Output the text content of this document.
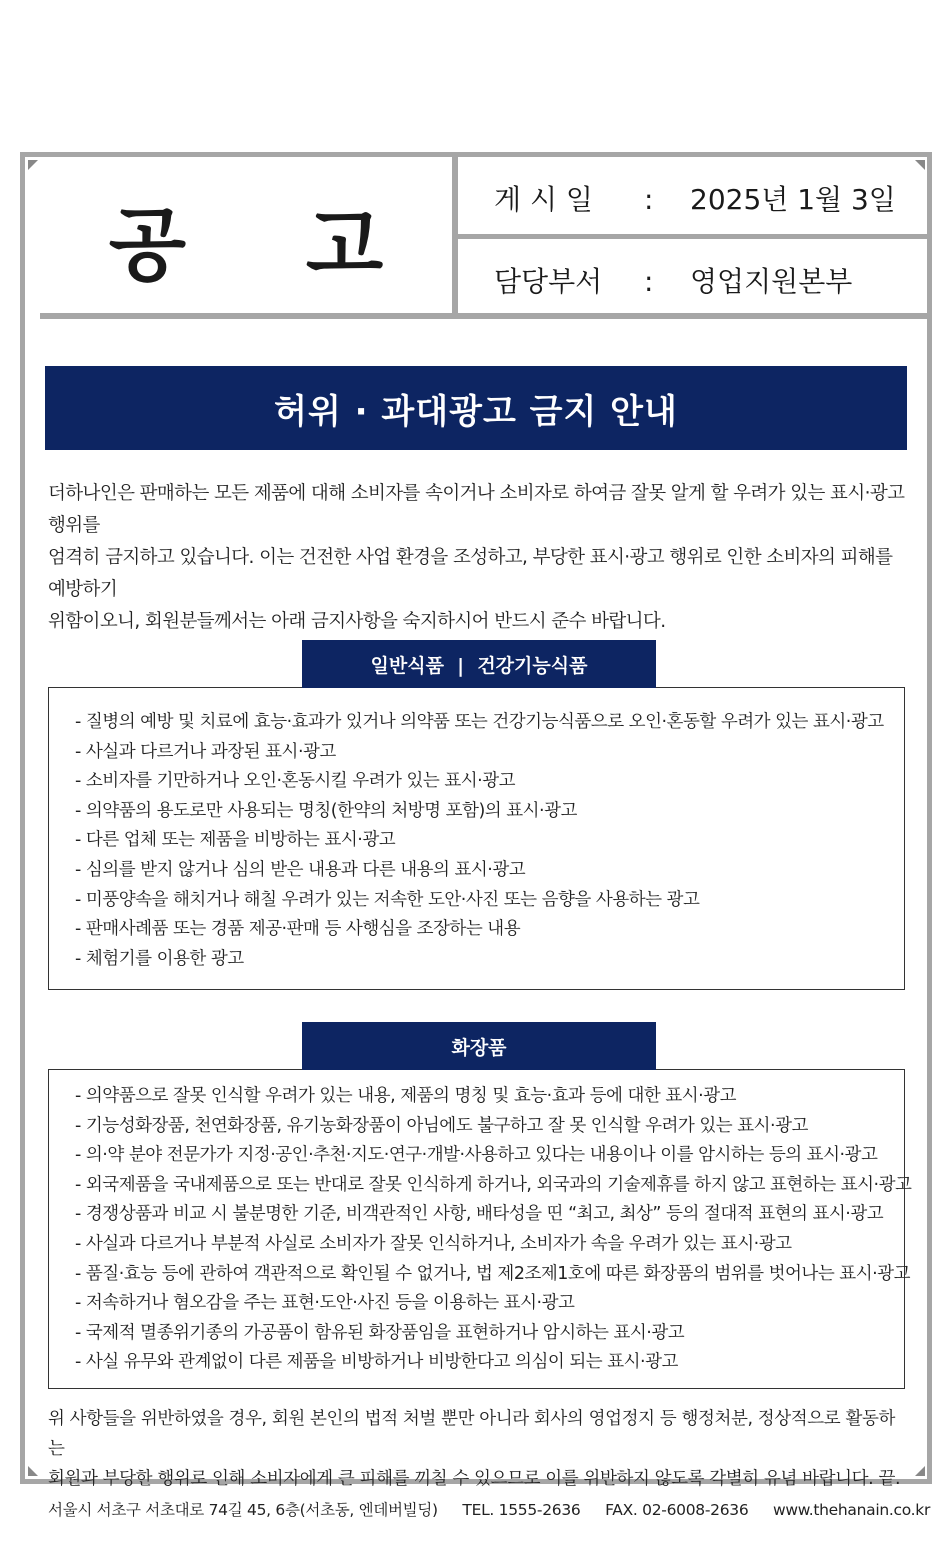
공 고	게 시 일 : 2025년 1월 3일
담당부서 : 영업지원본부
허위 · 과대광고 금지 안내
더하나인은 판매하는 모든 제품에 대해 소비자를 속이거나 소비자로 하여금 잘못 알게 할 우려가 있는 표시·광고 행위를
엄격히 금지하고 있습니다. 이는 건전한 사업 환경을 조성하고, 부당한 표시·광고 행위로 인한 소비자의 피해를 예방하기
위함이오니, 회원분들께서는 아래 금지사항을 숙지하시어 반드시 준수 바랍니다.
일반식품  |  건강기능식품
- 질병의 예방 및 치료에 효능·효과가 있거나 의약품 또는 건강기능식품으로 오인·혼동할 우려가 있는 표시·광고
- 사실과 다르거나 과장된 표시·광고
- 소비자를 기만하거나 오인·혼동시킬 우려가 있는 표시·광고
- 의약품의 용도로만 사용되는 명칭(한약의 처방명 포함)의 표시·광고
- 다른 업체 또는 제품을 비방하는 표시·광고
- 심의를 받지 않거나 심의 받은 내용과 다른 내용의 표시·광고
- 미풍양속을 해치거나 해칠 우려가 있는 저속한 도안·사진 또는 음향을 사용하는 광고
- 판매사례품 또는 경품 제공·판매 등 사행심을 조장하는 내용
- 체험기를 이용한 광고
화장품
- 의약품으로 잘못 인식할 우려가 있는 내용, 제품의 명칭 및 효능·효과 등에 대한 표시·광고
- 기능성화장품, 천연화장품, 유기농화장품이 아님에도 불구하고 잘 못 인식할 우려가 있는 표시·광고
- 의·약 분야 전문가가 지정·공인·추천·지도·연구·개발·사용하고 있다는 내용이나 이를 암시하는 등의 표시·광고
- 외국제품을 국내제품으로 또는 반대로 잘못 인식하게 하거나, 외국과의 기술제휴를 하지 않고 표현하는 표시·광고
- 경쟁상품과 비교 시 불분명한 기준, 비객관적인 사항, 배타성을 띤 “최고, 최상” 등의 절대적 표현의 표시·광고
- 사실과 다르거나 부분적 사실로 소비자가 잘못 인식하거나, 소비자가 속을 우려가 있는 표시·광고
- 품질·효능 등에 관하여 객관적으로 확인될 수 없거나, 법 제2조제1호에 따른 화장품의 범위를 벗어나는 표시·광고
- 저속하거나 혐오감을 주는 표현·도안·사진 등을 이용하는 표시·광고
- 국제적 멸종위기종의 가공품이 함유된 화장품임을 표현하거나 암시하는 표시·광고
- 사실 유무와 관계없이 다른 제품을 비방하거나 비방한다고 의심이 되는 표시·광고
위 사항들을 위반하였을 경우, 회원 본인의 법적 처벌 뿐만 아니라 회사의 영업정지 등 행정처분, 정상적으로 활동하는
회원과 부당한 행위로 인해 소비자에게 큰 피해를 끼칠 수 있으므로 이를 위반하지 않도록 각별히 유념 바랍니다. 끝.
서울시 서초구 서초대로 74길 45, 6층(서초동, 엔데버빌딩) TEL. 1555-2636 FAX. 02-6008-2636 www.thehanain.co.kr
